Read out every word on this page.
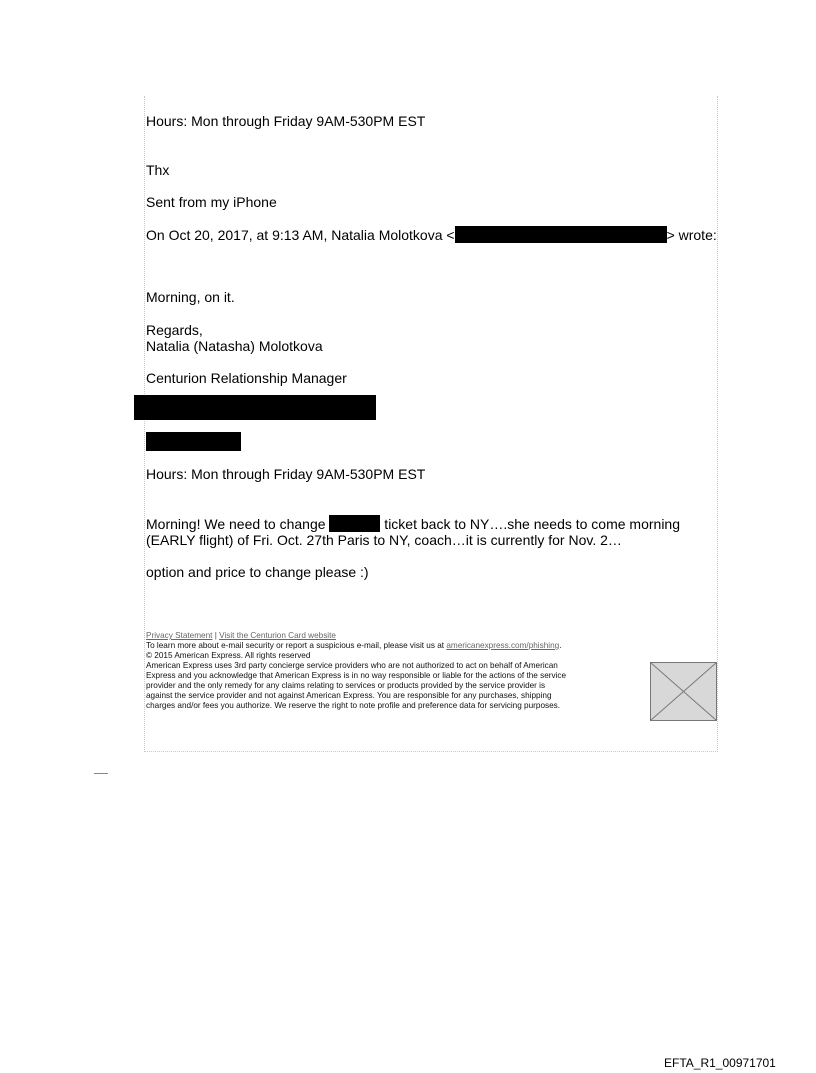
Hours: Mon through Friday 9AM-530PM EST
Thx
Sent from my iPhone
On Oct 20, 2017, at 9:13 AM, Natalia Molotkova <	> wrote:
Morning, on it.
Regards,
Natalia (Natasha) Molotkova
Centurion Relationship Manager
Hours: Mon through Friday 9AM-530PM EST
Morning! We need to change	ticket back to NY….she needs to come morning
(EARLY flight) of Fri. Oct. 27th Paris to NY, coach…it is currently for Nov. 2…
option and price to change please :)

Privacy Statement | Visit the Centurion Card website

To learn more about e-mail security or report a suspicious e-mail, please visit us at americanexpress.com/phishing.

© 2015 American Express. All rights reserved

American Express uses 3rd party concierge service providers who are not authorized to act on behalf of American

Express and you acknowledge that American Express is in no way responsible or liable for the actions of the service

provider and the only remedy for any claims relating to services or products provided by the service provider is

against the service provider and not against American Express. You are responsible for any purchases, shipping

charges and/or fees you authorize. We reserve the right to note profile and preference data for servicing purposes.

EFTA_R1_00971701
